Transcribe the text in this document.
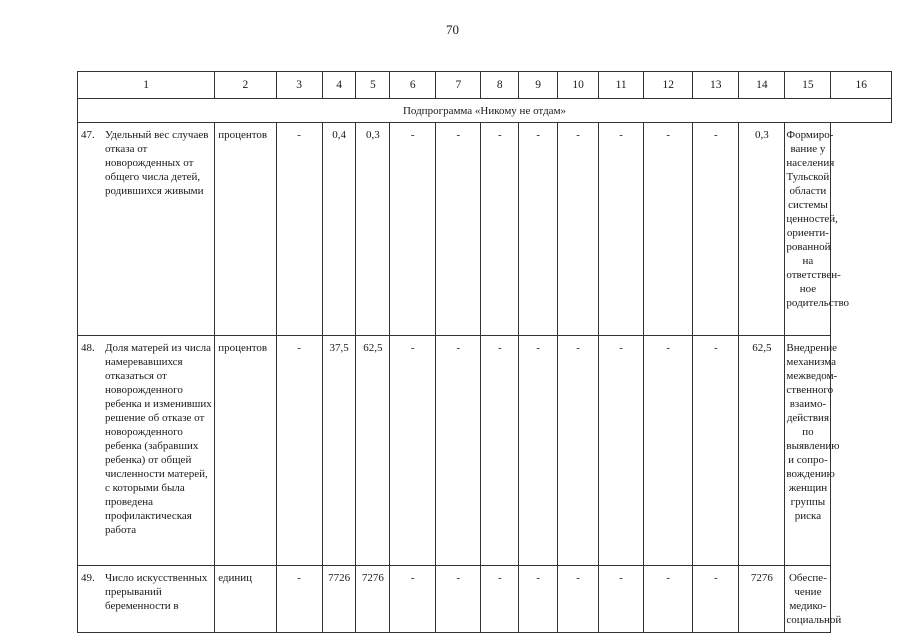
70
1	2	3	4	5	6	7	8	9	10	11	12	13	14	15	16
Подпрограмма «Никому не отдам»															

47. Удельный вес случаев отказа от новорожденных от общего числа детей, родившихся живыми	процентов	-	0,4	0,3	-	-	-	-	-	-	-	-	0,3	Формиро-вание у населения Тульской области системы ценностей, ориенти-рованной на ответствен-ное родительство	

48. Доля матерей из числа намеревавшихся отказаться от новорожденного ребенка и изменивших решение об отказе от новорожденного ребенка (забравших ребенка) от общей численности матерей, с которыми была проведена профилактическая работа	процентов	-	37,5	62,5	-	-	-	-	-	-	-	-	62,5	Внедрение механизма межведом-ственного взаимо-действия по выявлению и сопро-вождению женщин группы риска	

49. Число искусственных прерываний беременности в	единиц	-	7726	7276	-	-	-	-	-	-	-	-	7276	Обеспе-чение медико-социальной	
